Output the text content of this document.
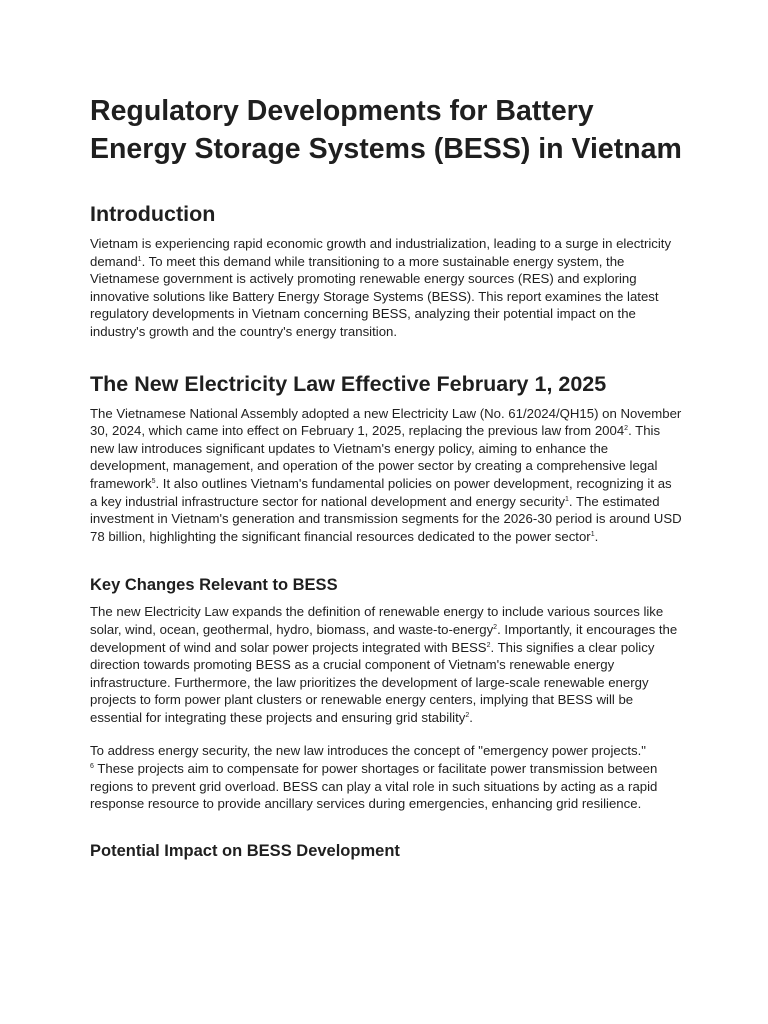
Regulatory Developments for Battery Energy Storage Systems (BESS) in Vietnam
Introduction

Vietnam is experiencing rapid economic growth and industrialization, leading to a surge in electricity demand$^1$. To meet this demand while transitioning to a more sustainable energy system, the Vietnamese government is actively promoting renewable energy sources (RES) and exploring innovative solutions like Battery Energy Storage Systems (BESS). This report examines the latest regulatory developments in Vietnam concerning BESS, analyzing their potential impact on the industry's growth and the country's energy transition.

The New Electricity Law Effective February 1, 2025

The Vietnamese National Assembly adopted a new Electricity Law (No. 61/2024/QH15) on November 30, 2024, which came into effect on February 1, 2025, replacing the previous law from 2004$^2$. This new law introduces significant updates to Vietnam's energy policy, aiming to enhance the development, management, and operation of the power sector by creating a comprehensive legal framework$^5$. It also outlines Vietnam's fundamental policies on power development, recognizing it as a key industrial infrastructure sector for national development and energy security$^1$. The estimated investment in Vietnam's generation and transmission segments for the 2026-30 period is around USD 78 billion, highlighting the significant financial resources dedicated to the power sector$^1$.

Key Changes Relevant to BESS

The new Electricity Law expands the definition of renewable energy to include various sources like solar, wind, ocean, geothermal, hydro, biomass, and waste-to-energy$^2$. Importantly, it encourages the development of wind and solar power projects integrated with BESS$^2$. This signifies a clear policy direction towards promoting BESS as a crucial component of Vietnam's renewable energy infrastructure. Furthermore, the law prioritizes the development of large-scale renewable energy projects to form power plant clusters or renewable energy centers, implying that BESS will be essential for integrating these projects and ensuring grid stability$^2$.

To address energy security, the new law introduces the concept of "emergency power projects."
$^6$ These projects aim to compensate for power shortages or facilitate power transmission between regions to prevent grid overload. BESS can play a vital role in such situations by acting as a rapid response resource to provide ancillary services during emergencies, enhancing grid resilience.

Potential Impact on BESS Development
